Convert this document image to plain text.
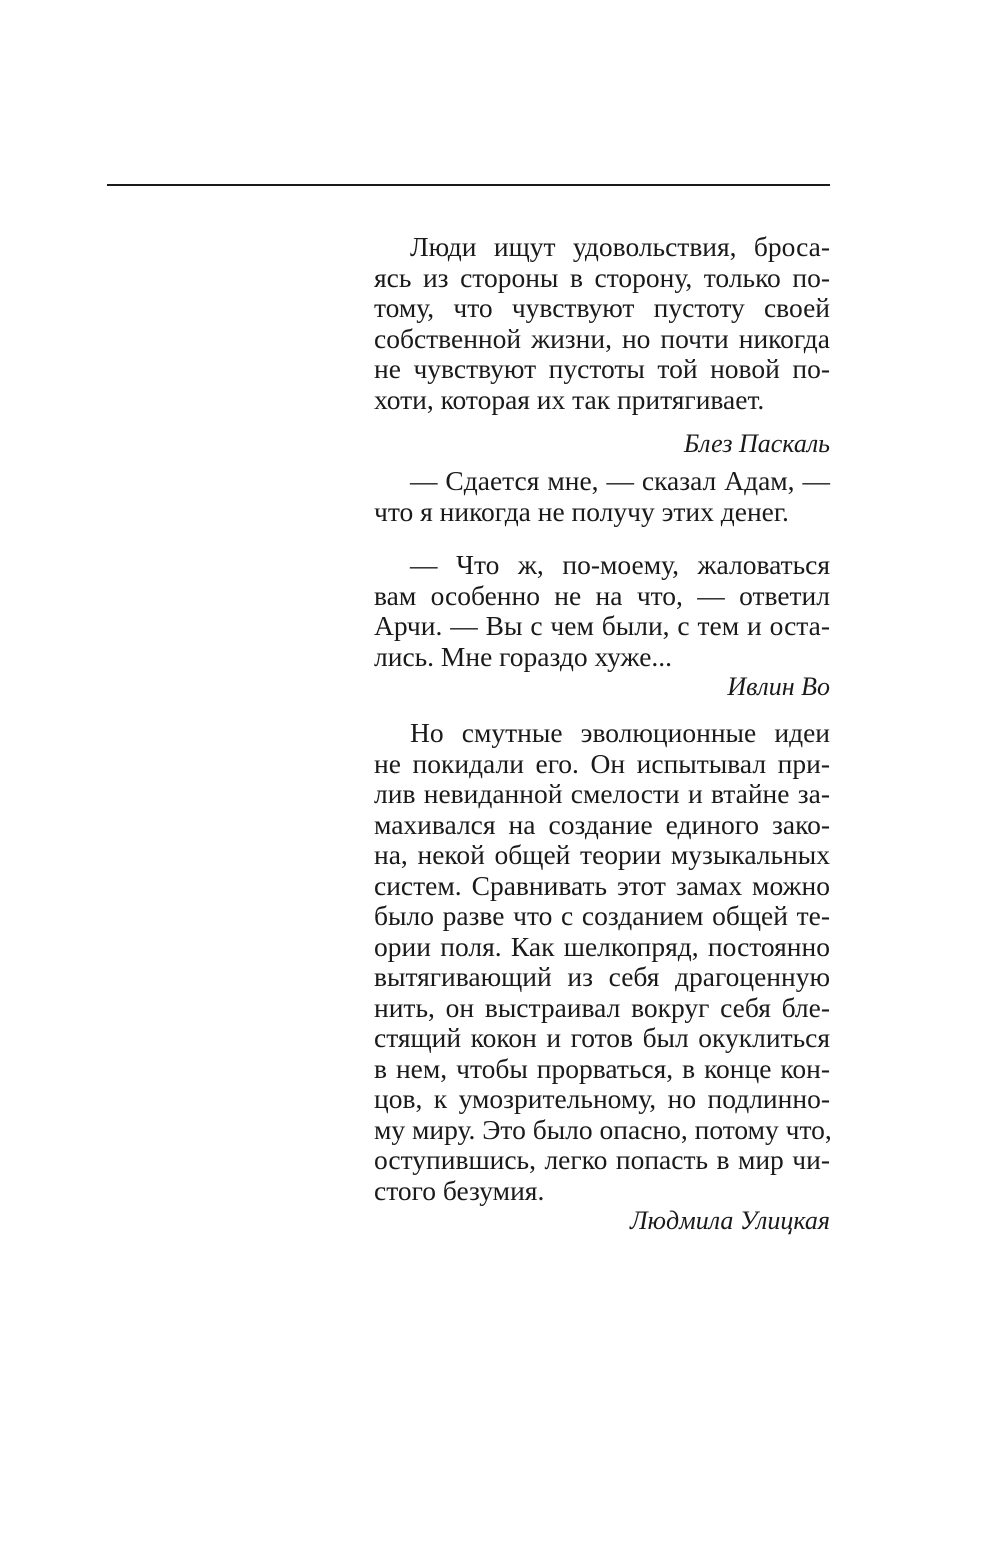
Люди ищут удовольствия, броса-
ясь из стороны в сторону, только по-
тому, что чувствуют пустоту своей
собственной жизни, но почти никогда
не чувствуют пустоты той новой по-
хоти, которая их так притягивает.
Блез Паскаль
— Сдается мне, — сказал Адам, —
что я никогда не получу этих денег.
— Что ж, по-моему, жаловаться
вам особенно не на что, — ответил
Арчи. — Вы с чем были, с тем и оста-
лись. Мне гораздо хуже...
Ивлин Во
Но смутные эволюционные идеи
не покидали его. Он испытывал при-
лив невиданной смелости и втайне за-
махивался на создание единого зако-
на, некой общей теории музыкальных
систем. Сравнивать этот замах можно
было разве что с созданием общей те-
ории поля. Как шелкопряд, постоянно
вытягивающий из себя драгоценную
нить, он выстраивал вокруг себя бле-
стящий кокон и готов был окуклиться
в нем, чтобы прорваться, в конце кон-
цов, к умозрительному, но подлинно-
му миру. Это было опасно, потому что,
оступившись, легко попасть в мир чи-
стого безумия.
Людмила Улицкая
